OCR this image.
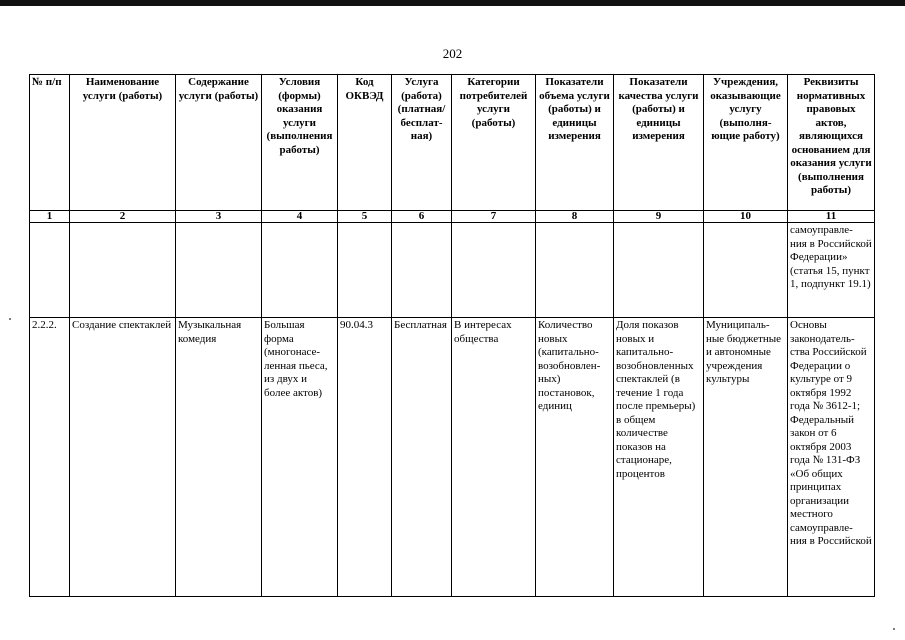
202
№ п/п	Наименование услуги (работы)	Содержание услуги (работы)	Условия (формы) оказания услуги (выполнения работы)	Код ОКВЭД	Услуга (работа) (платная/ бесплат- ная)	Категории потребителей услуги (работы)	Показатели объема услуги (работы) и единицы измерения	Показатели качества услуги (работы) и единицы измерения	Учреждения, оказывающие услугу (выполня- ющие работу)	Реквизиты нормативных правовых актов, являющихся основанием для оказания услуги (выполнения работы)
1	2	3	4	5	6	7	8	9	10	11
										самоуправле- ния в Российской Федерации» (статья 15, пункт 1, подпункт 19.1)
2.2.2.	Создание спектаклей	Музыкальная комедия	Большая форма (многонасе- ленная пьеса, из двух и более актов)	90.04.3	Бесплатная	В интересах общества	Количество новых (капитально- возобновлен- ных) постановок, единиц	Доля показов новых и капитально- возобновленных спектаклей (в течение 1 года после премьеры) в общем количестве показов на стационаре, процентов	Муниципаль- ные бюджетные и автономные учреждения культуры	Основы законодатель- ства Российской Федерации о культуре от 9 октября 1992 года № 3612-1; Федеральный закон от 6 октября 2003 года № 131-ФЗ «Об общих принципах организации местного самоуправле- ния в Российской
